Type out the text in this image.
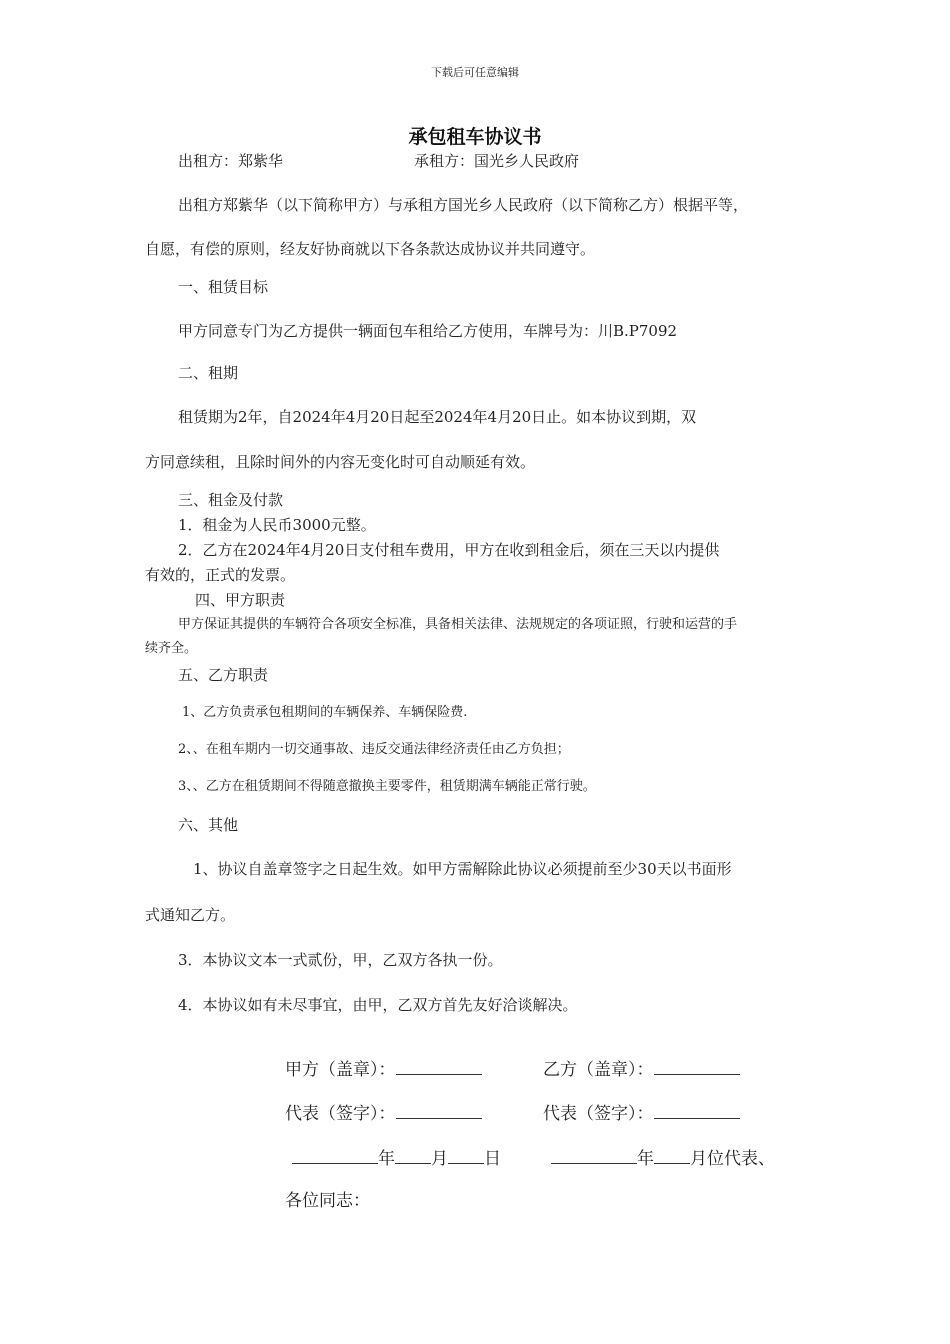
下载后可任意编辑
承包租车协议书
出租方：郑紫华	承租方：国光乡人民政府
出租方郑紫华（以下简称甲方）与承租方国光乡人民政府（以下简称乙方）根据平等，
自愿，有偿的原则，经友好协商就以下各条款达成协议并共同遵守。
一、租赁目标
甲方同意专门为乙方提供一辆面包车租给乙方使用，车牌号为：川B.P7092
二、租期
租赁期为2年，自2024年4月20日起至2024年4月20日止。如本协议到期，双
方同意续租，且除时间外的内容无变化时可自动顺延有效。
三、租金及付款
1．租金为人民币3000元整。
2．乙方在2024年4月20日支付租车费用，甲方在收到租金后，须在三天以内提供
有效的，正式的发票。
四、甲方职责
甲方保证其提供的车辆符合各项安全标准，具备相关法律、法规规定的各项证照，行驶和运营的手
续齐全。
五、乙方职责
1、乙方负责承包租期间的车辆保养、车辆保险费.
2、、在租车期内一切交通事故、违反交通法律经济责任由乙方负担；
3、、乙方在租赁期间不得随意撤换主要零件，租赁期满车辆能正常行驶。
六、其他
1、协议自盖章签字之日起生效。如甲方需解除此协议必须提前至少30天以书面形
式通知乙方。
3．本协议文本一式贰份，甲，乙双方各执一份。
4．本协议如有未尽事宜，由甲，乙双方首先友好洽谈解决。
甲方（盖章）：	乙方（盖章）：
代表（签字）：	代表（签字）：
年 月 日	年 月位代表、
各位同志：
